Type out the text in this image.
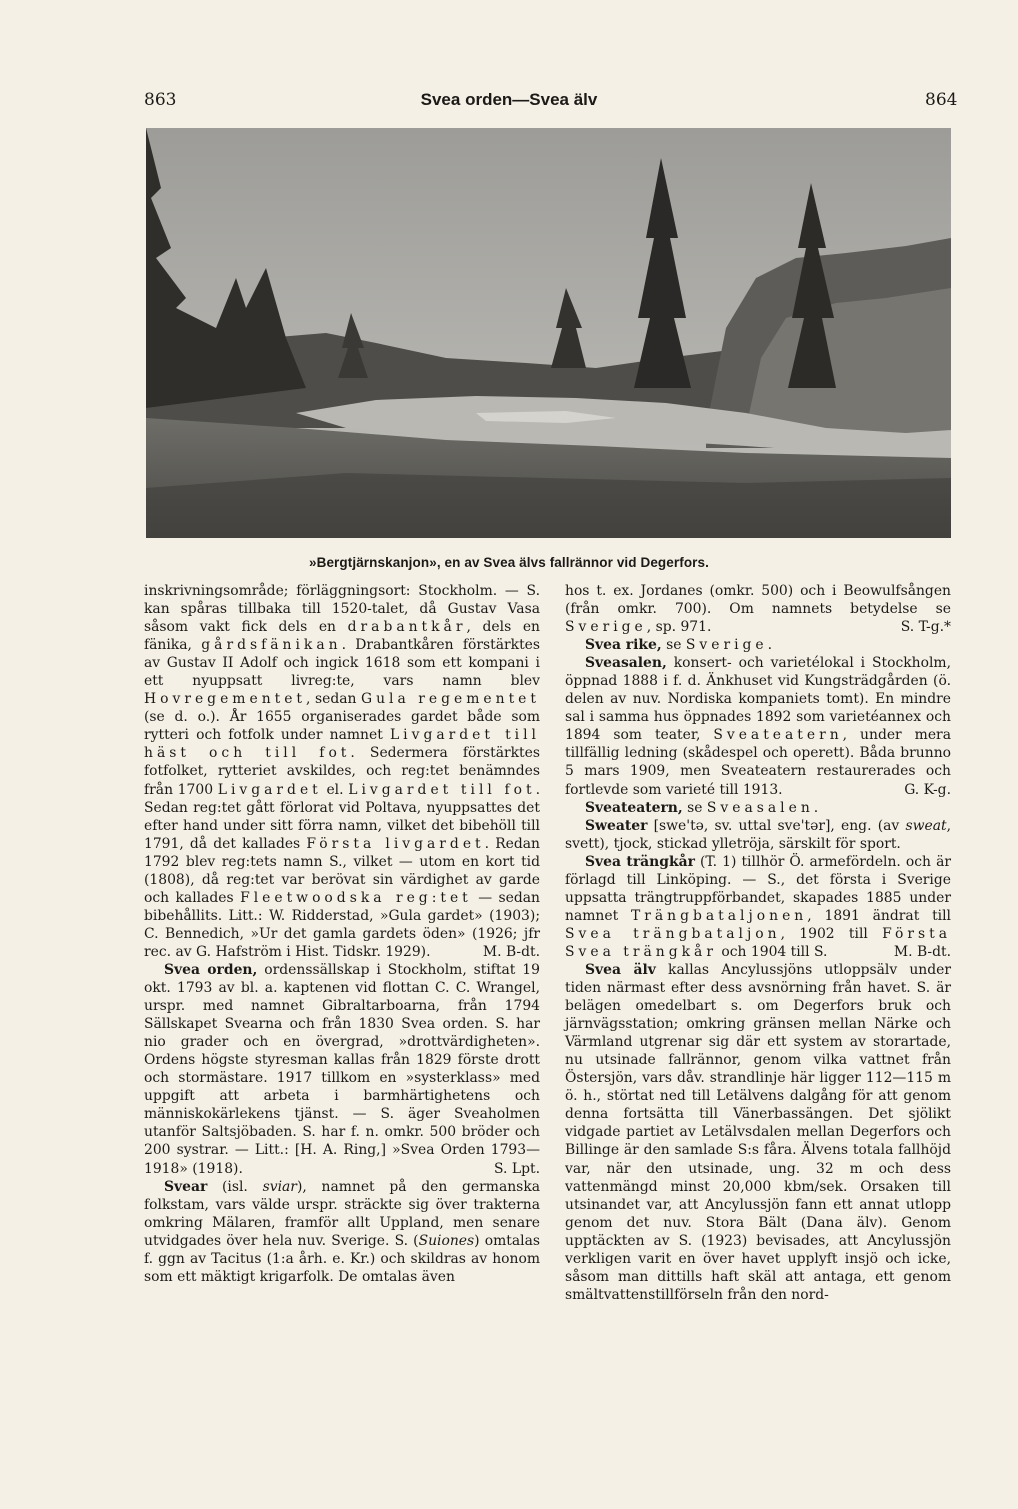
863	Svea orden—Svea älv	864
»Bergtjärnskanjon», en av Svea älvs fallrännor vid Degerfors.

inskrivningsområde; förläggningsort: Stockholm. — S. kan spåras tillbaka till 1520-talet, då Gustav Vasa såsom vakt fick dels en drabantkår, dels en fänika, gårdsfänikan. Drabantkåren förstärktes av Gustav II Adolf och ingick 1618 som ett kompani i ett nyuppsatt livreg:te, vars namn blev Hovregementet, sedan Gula regementet (se d. o.). År 1655 organiserades gardet både som rytteri och fotfolk under namnet Livgardet till häst och till fot. Sedermera förstärktes fotfolket, rytteriet avskildes, och reg:tet benämndes från 1700 Livgardet el. Livgardet till fot. Sedan reg:tet gått förlorat vid Poltava, nyuppsattes det efter hand under sitt förra namn, vilket det bibehöll till 1791, då det kallades Första livgardet. Redan 1792 blev reg:tets namn S., vilket — utom en kort tid (1808), då reg:tet var berövat sin värdighet av garde och kallades Fleetwoodska reg:tet — sedan bibehållits. Litt.: W. Ridderstad, »Gula gardet» (1903); C. Bennedich, »Ur det gamla gardets öden» (1926; jfr rec. av G. Hafström i Hist. Tidskr. 1929).	M. B-dt.

Svea orden, ordenssällskap i Stockholm, stiftat 19 okt. 1793 av bl. a. kaptenen vid flottan C. C. Wrangel, urspr. med namnet Gibraltarboarna, från 1794 Sällskapet Svearna och från 1830 Svea orden. S. har nio grader och en övergrad, »drottvärdigheten». Ordens högste styresman kallas från 1829 förste drott och stormästare. 1917 tillkom en »systerklass» med uppgift att arbeta i barmhärtighetens och människokärlekens tjänst. — S. äger Sveaholmen utanför Saltsjöbaden. S. har f. n. omkr. 500 bröder och 200 systrar. — Litt.: [H. A. Ring,] »Svea Orden 1793—1918» (1918).	S. Lpt.

Svear (isl. sviar), namnet på den germanska folkstam, vars välde urspr. sträckte sig över trakterna omkring Mälaren, framför allt Uppland, men senare utvidgades över hela nuv. Sverige. S. (Suiones) omtalas f. ggn av Tacitus (1:a årh. e. Kr.) och skildras av honom som ett mäktigt krigarfolk. De omtalas även

hos t. ex. Jordanes (omkr. 500) och i Beowulfsången (från omkr. 700). Om namnets betydelse se Sverige, sp. 971.	S. T-g.*

Svea rike, se Sverige.

Sveasalen, konsert- och varietélokal i Stockholm, öppnad 1888 i f. d. Änkhuset vid Kungsträdgården (ö. delen av nuv. Nordiska kompaniets tomt). En mindre sal i samma hus öppnades 1892 som varietéannex och 1894 som teater, Sveateatern, under mera tillfällig ledning (skådespel och operett). Båda brunno 5 mars 1909, men Sveateatern restaurerades och fortlevde som varieté till 1913.	G. K-g.

Sveateatern, se Sveasalen.

Sweater [swe'tə, sv. uttal sve'tər], eng. (av sweat, svett), tjock, stickad ylletröja, särskilt för sport.

Svea trängkår (T. 1) tillhör Ö. armefördeln. och är förlagd till Linköping. — S., det första i Sverige uppsatta trängtruppförbandet, skapades 1885 under namnet Trängbataljonen, 1891 ändrat till Svea trängbataljon, 1902 till Första Svea trängkår och 1904 till S.	M. B-dt.

Svea älv kallas Ancylussjöns utloppsälv under tiden närmast efter dess avsnörning från havet. S. är belägen omedelbart s. om Degerfors bruk och järnvägsstation; omkring gränsen mellan Närke och Värmland utgrenar sig där ett system av storartade, nu utsinade fallrännor, genom vilka vattnet från Östersjön, vars dåv. strandlinje här ligger 112—115 m ö. h., störtat ned till Letälvens dalgång för att genom denna fortsätta till Vänerbassängen. Det sjölikt vidgade partiet av Letälvsdalen mellan Degerfors och Billinge är den samlade S:s fåra. Älvens totala fallhöjd var, när den utsinade, ung. 32 m och dess vattenmängd minst 20,000 kbm/sek. Orsaken till utsinandet var, att Ancylussjön fann ett annat utlopp genom det nuv. Stora Bält (Dana älv). Genom upptäckten av S. (1923) bevisades, att Ancylussjön verkligen varit en över havet upplyft insjö och icke, såsom man dittills haft skäl att antaga, ett genom smältvattenstillförseln från den nord-
